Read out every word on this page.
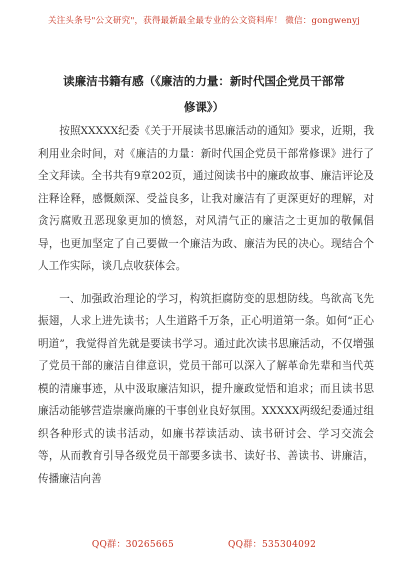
关注头条号"公文研究"，获得最新最全最专业的公文资料库！ 微信：gongwenyj
读廉洁书籍有感（《廉洁的力量：新时代国企党员干部常
修课》）

按照XXXXX纪委《关于开展读书思廉活动的通知》要求，近期，我利用业余时间，对《廉洁的力量：新时代国企党员干部常修课》进行了全文拜读。全书共有9章202页，通过阅读书中的廉政故事、廉洁评论及注释诠释，感慨颇深、受益良多，让我对廉洁有了更深更好的理解，对贪污腐败丑恶现象更加的愤怒，对风清气正的廉洁之士更加的敬佩倡导，也更加坚定了自己要做一个廉洁为政、廉洁为民的决心。现结合个人工作实际，谈几点收获体会。

一、加强政治理论的学习，构筑拒腐防变的思想防线。鸟欲高飞先振翅，人求上进先读书；人生道路千万条，正心明道第一条。如何“正心明道”，我觉得首先就是要读书学习。通过此次读书思廉活动，不仅增强了党员干部的廉洁自律意识，党员干部可以深入了解革命先辈和当代英模的清廉事迹，从中汲取廉洁知识，提升廉政觉悟和追求；而且读书思廉活动能够营造崇廉尚廉的干事创业良好氛围。XXXXX两级纪委通过组织各种形式的读书活动，如廉书荐读活动、读书研讨会、学习交流会等，从而教育引导各级党员干部要多读书、读好书、善读书、讲廉洁，传播廉洁向善

QQ群：30265665	QQ群：535304092
